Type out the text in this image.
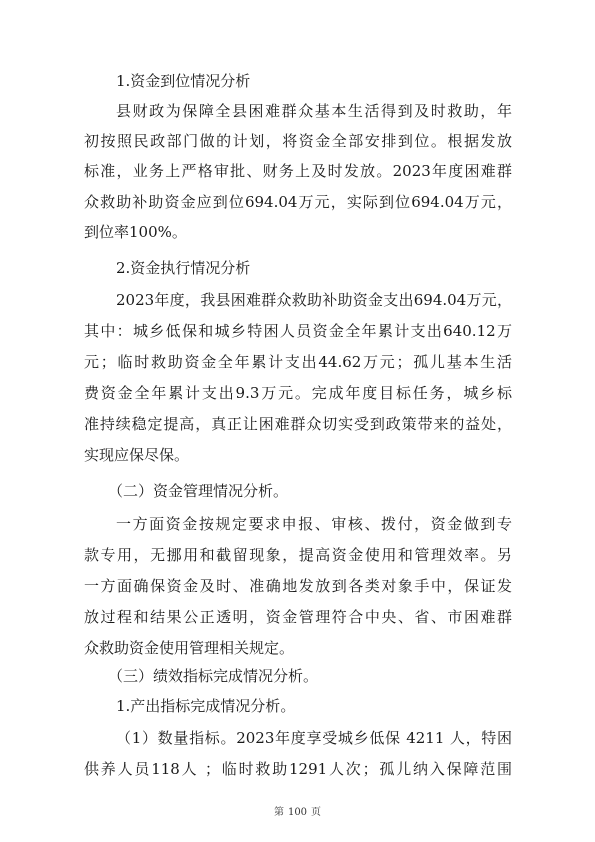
1.资金到位情况分析
县财政为保障全县困难群众基本生活得到及时救助，年
初按照民政部门做的计划，将资金全部安排到位。根据发放
标准，业务上严格审批、财务上及时发放。2023年度困难群
众救助补助资金应到位694.04万元，实际到位694.04万元，
到位率100%。
2.资金执行情况分析
2023年度，我县困难群众救助补助资金支出694.04万元，
其中：城乡低保和城乡特困人员资金全年累计支出640.12万
元；临时救助资金全年累计支出44.62万元；孤儿基本生活
费资金全年累计支出9.3万元。完成年度目标任务，城乡标
准持续稳定提高，真正让困难群众切实受到政策带来的益处，
实现应保尽保。
（二）资金管理情况分析。
一方面资金按规定要求申报、审核、拨付，资金做到专
款专用，无挪用和截留现象，提高资金使用和管理效率。另
一方面确保资金及时、准确地发放到各类对象手中，保证发
放过程和结果公正透明，资金管理符合中央、省、市困难群
众救助资金使用管理相关规定。
（三）绩效指标完成情况分析。
1.产出指标完成情况分析。
（1）数量指标。2023年度享受城乡低保 4211 人，特困
供养人员118人 ；临时救助1291人次；孤儿纳入保障范围
第 100 页
